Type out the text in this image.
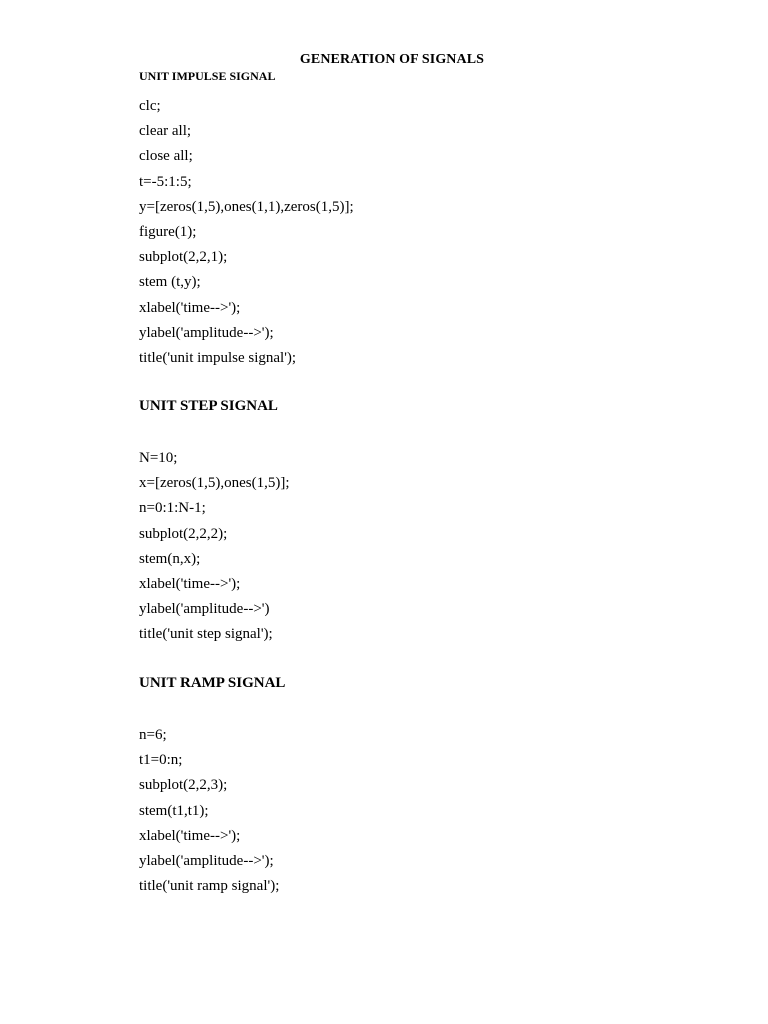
GENERATION OF SIGNALS
UNIT IMPULSE SIGNAL
clc;
clear all;
close all;
t=-5:1:5;
y=[zeros(1,5),ones(1,1),zeros(1,5)];
figure(1);
subplot(2,2,1);
stem (t,y);
xlabel('time-->');
ylabel('amplitude-->');
title('unit impulse signal');
UNIT STEP SIGNAL
N=10;
x=[zeros(1,5),ones(1,5)];
n=0:1:N-1;
subplot(2,2,2);
stem(n,x);
xlabel('time-->');
ylabel('amplitude-->')
title('unit step signal');
UNIT RAMP SIGNAL
n=6;
t1=0:n;
subplot(2,2,3);
stem(t1,t1);
xlabel('time-->');
ylabel('amplitude-->');
title('unit ramp signal');
